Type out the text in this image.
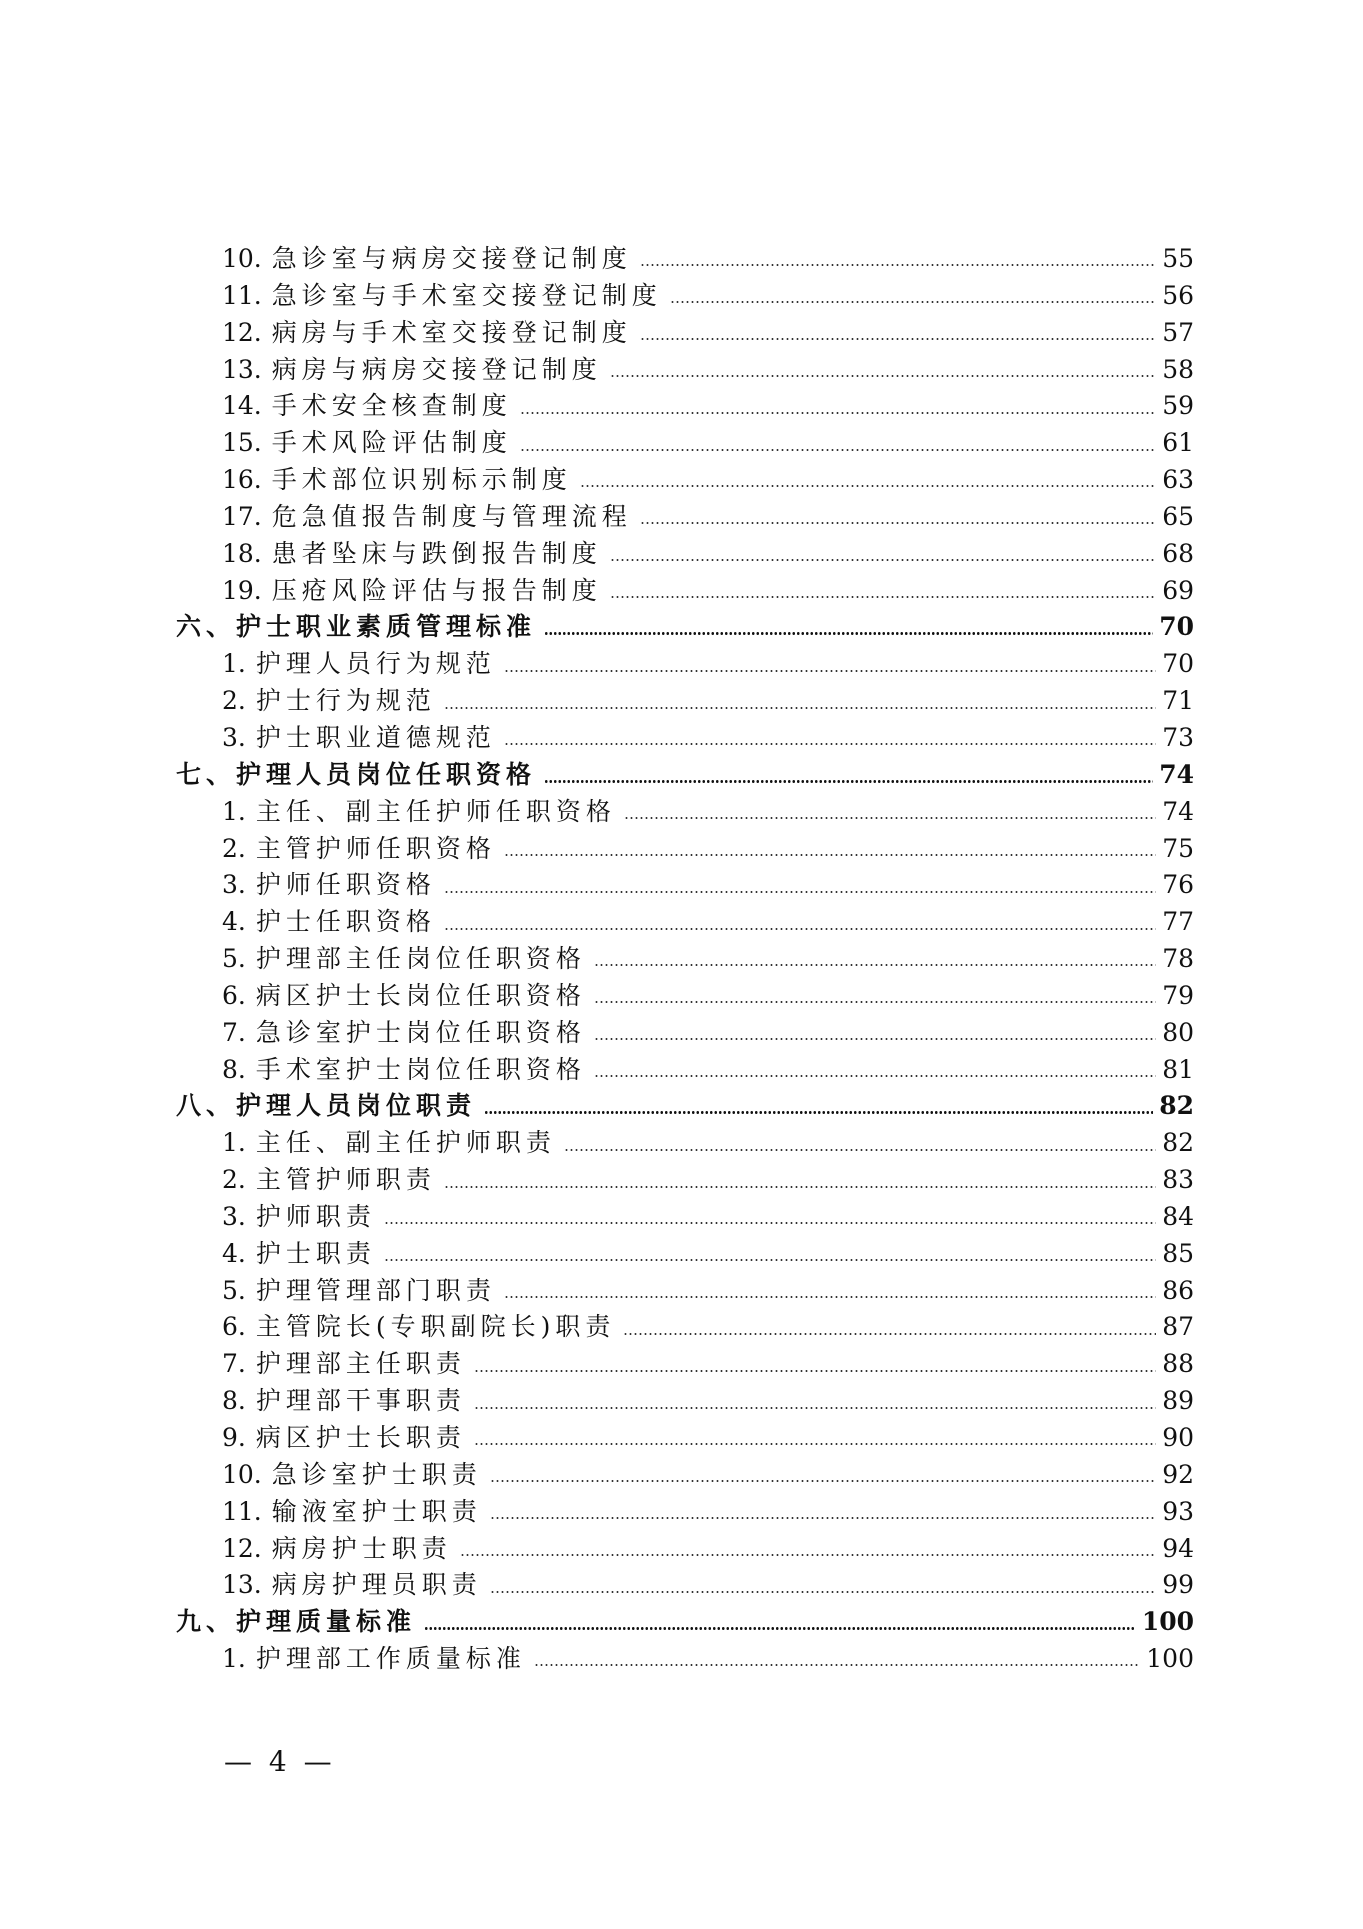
10. 急诊室与病房交接登记制度	55
11. 急诊室与手术室交接登记制度	56
12. 病房与手术室交接登记制度	57
13. 病房与病房交接登记制度	58
14. 手术安全核查制度	59
15. 手术风险评估制度	61
16. 手术部位识别标示制度	63
17. 危急值报告制度与管理流程	65
18. 患者坠床与跌倒报告制度	68
19. 压疮风险评估与报告制度	69
六、护士职业素质管理标准	70
1. 护理人员行为规范	70
2. 护士行为规范	71
3. 护士职业道德规范	73
七、护理人员岗位任职资格	74
1. 主任、副主任护师任职资格	74
2. 主管护师任职资格	75
3. 护师任职资格	76
4. 护士任职资格	77
5. 护理部主任岗位任职资格	78
6. 病区护士长岗位任职资格	79
7. 急诊室护士岗位任职资格	80
8. 手术室护士岗位任职资格	81
八、护理人员岗位职责	82
1. 主任、副主任护师职责	82
2. 主管护师职责	83
3. 护师职责	84
4. 护士职责	85
5. 护理管理部门职责	86
6. 主管院长(专职副院长)职责	87
7. 护理部主任职责	88
8. 护理部干事职责	89
9. 病区护士长职责	90
10. 急诊室护士职责	92
11. 输液室护士职责	93
12. 病房护士职责	94
13. 病房护理员职责	99
九、护理质量标准	100
1. 护理部工作质量标准	100
— 4 —
